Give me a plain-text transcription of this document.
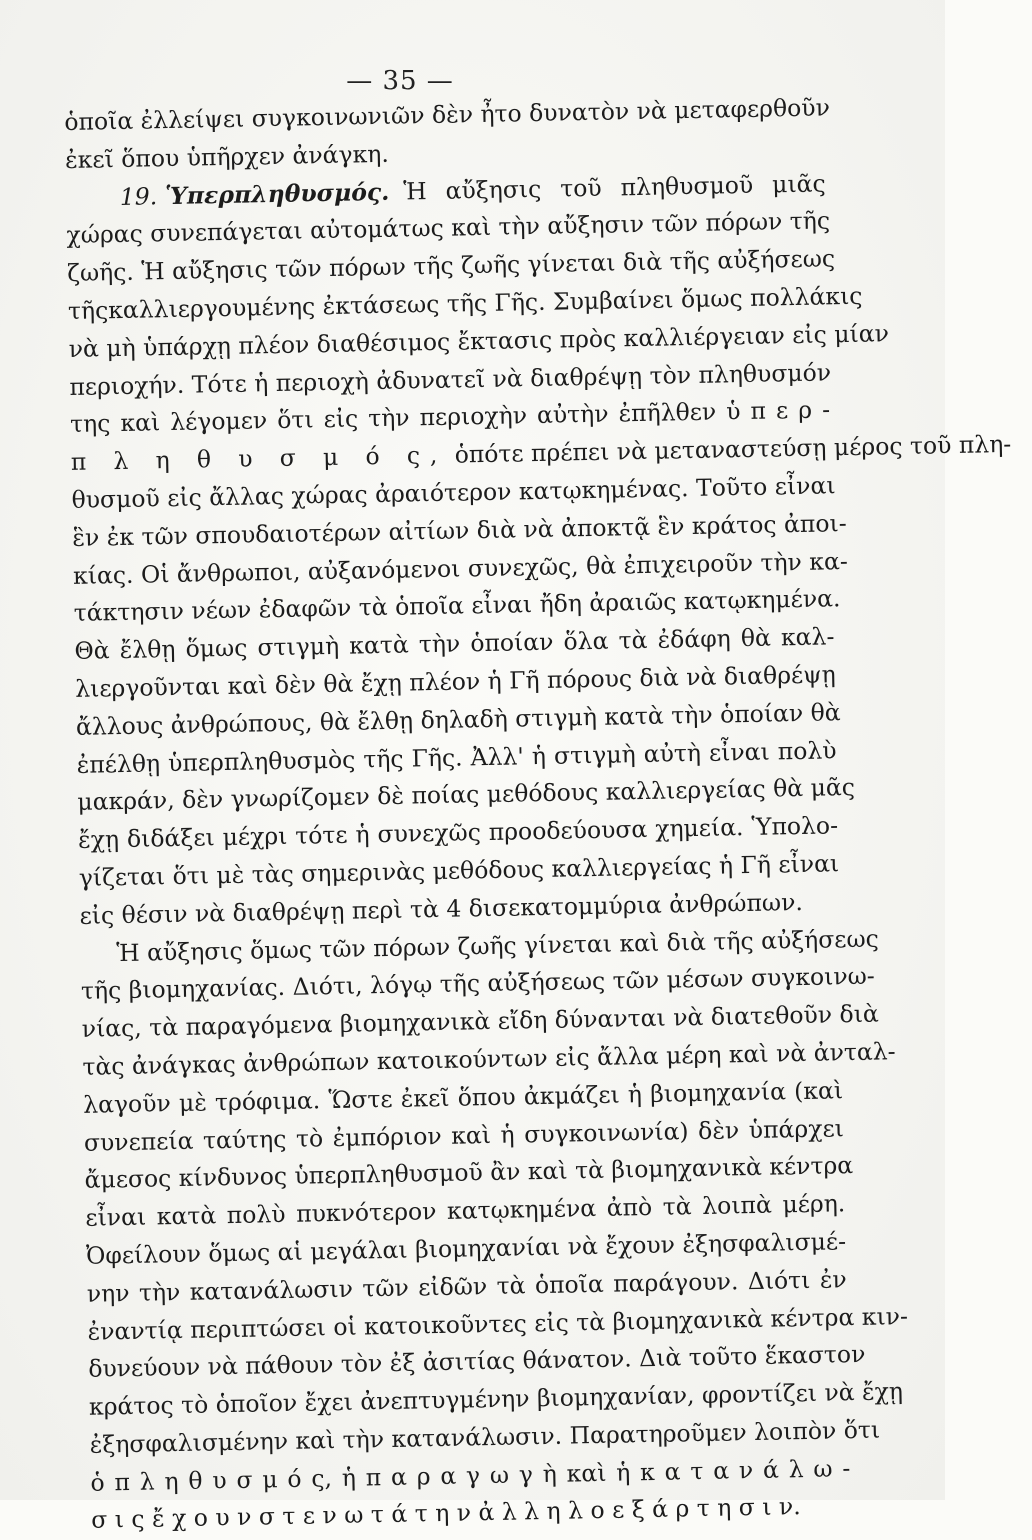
— 35 —
ὁποῖα ἐλλείψει συγκοινωνιῶν δὲν ἦτο δυνατὸν νὰ μεταφερθοῦν
ἐκεῖ ὅπου ὑπῆρχεν ἀνάγκη.
19. Ὑπερπληθυσμός. Ἡ αὔξησις τοῦ πληθυσμοῦ μιᾶς
χώρας συνεπάγεται αὐτομάτως καὶ τὴν αὔξησιν τῶν πόρων τῆς
ζωῆς. Ἡ αὔξησις τῶν πόρων τῆς ζωῆς γίνεται διὰ τῆς αὐξήσεως
τῆςκαλλιεργουμένης ἐκτάσεως τῆς Γῆς. Συμβαίνει ὅμως πολλάκις
νὰ μὴ ὑπάρχῃ πλέον διαθέσιμος ἔκτασις πρὸς καλλιέργειαν εἰς μίαν
περιοχήν. Τότε ἡ περιοχὴ ἀδυνατεῖ νὰ διαθρέψῃ τὸν πληθυσμόν
της καὶ λέγομεν ὅτι εἰς τὴν περιοχὴν αὐτὴν ἐπῆλθεν ὑ π ε ρ -
π λ η θ υ σ μ ό ς, ὁπότε πρέπει νὰ μεταναστεύσῃ μέρος τοῦ πλη-
θυσμοῦ εἰς ἄλλας χώρας ἀραιότερον κατῳκημένας. Τοῦτο εἶναι
ἓν ἐκ τῶν σπουδαιοτέρων αἰτίων διὰ νὰ ἀποκτᾷ ἓν κράτος ἀποι-
κίας. Οἱ ἄνθρωποι, αὐξανόμενοι συνεχῶς, θὰ ἐπιχειροῦν τὴν κα-
τάκτησιν νέων ἐδαφῶν τὰ ὁποῖα εἶναι ἤδη ἀραιῶς κατῳκημένα.
Θὰ ἔλθῃ ὅμως στιγμὴ κατὰ τὴν ὁποίαν ὅλα τὰ ἐδάφη θὰ καλ-
λιεργοῦνται καὶ δὲν θὰ ἔχῃ πλέον ἡ Γῆ πόρους διὰ νὰ διαθρέψῃ
ἄλλους ἀνθρώπους, θὰ ἔλθῃ δηλαδὴ στιγμὴ κατὰ τὴν ὁποίαν θὰ
ἐπέλθῃ ὑπερπληθυσμὸς τῆς Γῆς. Ἀλλ' ἡ στιγμὴ αὐτὴ εἶναι πολὺ
μακράν, δὲν γνωρίζομεν δὲ ποίας μεθόδους καλλιεργείας θὰ μᾶς
ἔχῃ διδάξει μέχρι τότε ἡ συνεχῶς προοδεύουσα χημεία. Ὑπολο-
γίζεται ὅτι μὲ τὰς σημερινὰς μεθόδους καλλιεργείας ἡ Γῆ εἶναι
εἰς θέσιν νὰ διαθρέψῃ περὶ τὰ 4 δισεκατομμύρια ἀνθρώπων.
Ἡ αὔξησις ὅμως τῶν πόρων ζωῆς γίνεται καὶ διὰ τῆς αὐξήσεως
τῆς βιομηχανίας. Διότι, λόγῳ τῆς αὐξήσεως τῶν μέσων συγκοινω-
νίας, τὰ παραγόμενα βιομηχανικὰ εἴδη δύνανται νὰ διατεθοῦν διὰ
τὰς ἀνάγκας ἀνθρώπων κατοικούντων εἰς ἄλλα μέρη καὶ νὰ ἀνταλ-
λαγοῦν μὲ τρόφιμα. Ὥστε ἐκεῖ ὅπου ἀκμάζει ἡ βιομηχανία (καὶ
συνεπεία ταύτης τὸ ἐμπόριον καὶ ἡ συγκοινωνία) δὲν ὑπάρχει
ἄμεσος κίνδυνος ὑπερπληθυσμοῦ ἂν καὶ τὰ βιομηχανικὰ κέντρα
εἶναι κατὰ πολὺ πυκνότερον κατῳκημένα ἀπὸ τὰ λοιπὰ μέρη.
Ὀφείλουν ὅμως αἱ μεγάλαι βιομηχανίαι νὰ ἔχουν ἐξησφαλισμέ-
νην τὴν κατανάλωσιν τῶν εἰδῶν τὰ ὁποῖα παράγουν. Διότι ἐν
ἐναντίᾳ περιπτώσει οἱ κατοικοῦντες εἰς τὰ βιομηχανικὰ κέντρα κιν-
δυνεύουν νὰ πάθουν τὸν ἐξ ἀσιτίας θάνατον. Διὰ τοῦτο ἕκαστον
κράτος τὸ ὁποῖον ἔχει ἀνεπτυγμένην βιομηχανίαν, φροντίζει νὰ ἔχῃ
ἐξησφαλισμένην καὶ τὴν κατανάλωσιν. Παρατηροῦμεν λοιπὸν ὅτι
ὁ π λ η θ υ σ μ ό ς, ἡ π α ρ α γ ω γ ὴ καὶ ἡ κ α τ α ν ά λ ω -
σ ι ς ἔ χ ο υ ν σ τ ε ν ω τ ά τ η ν ἀ λ λ η λ ο ε ξ ά ρ τ η σ ι ν.
